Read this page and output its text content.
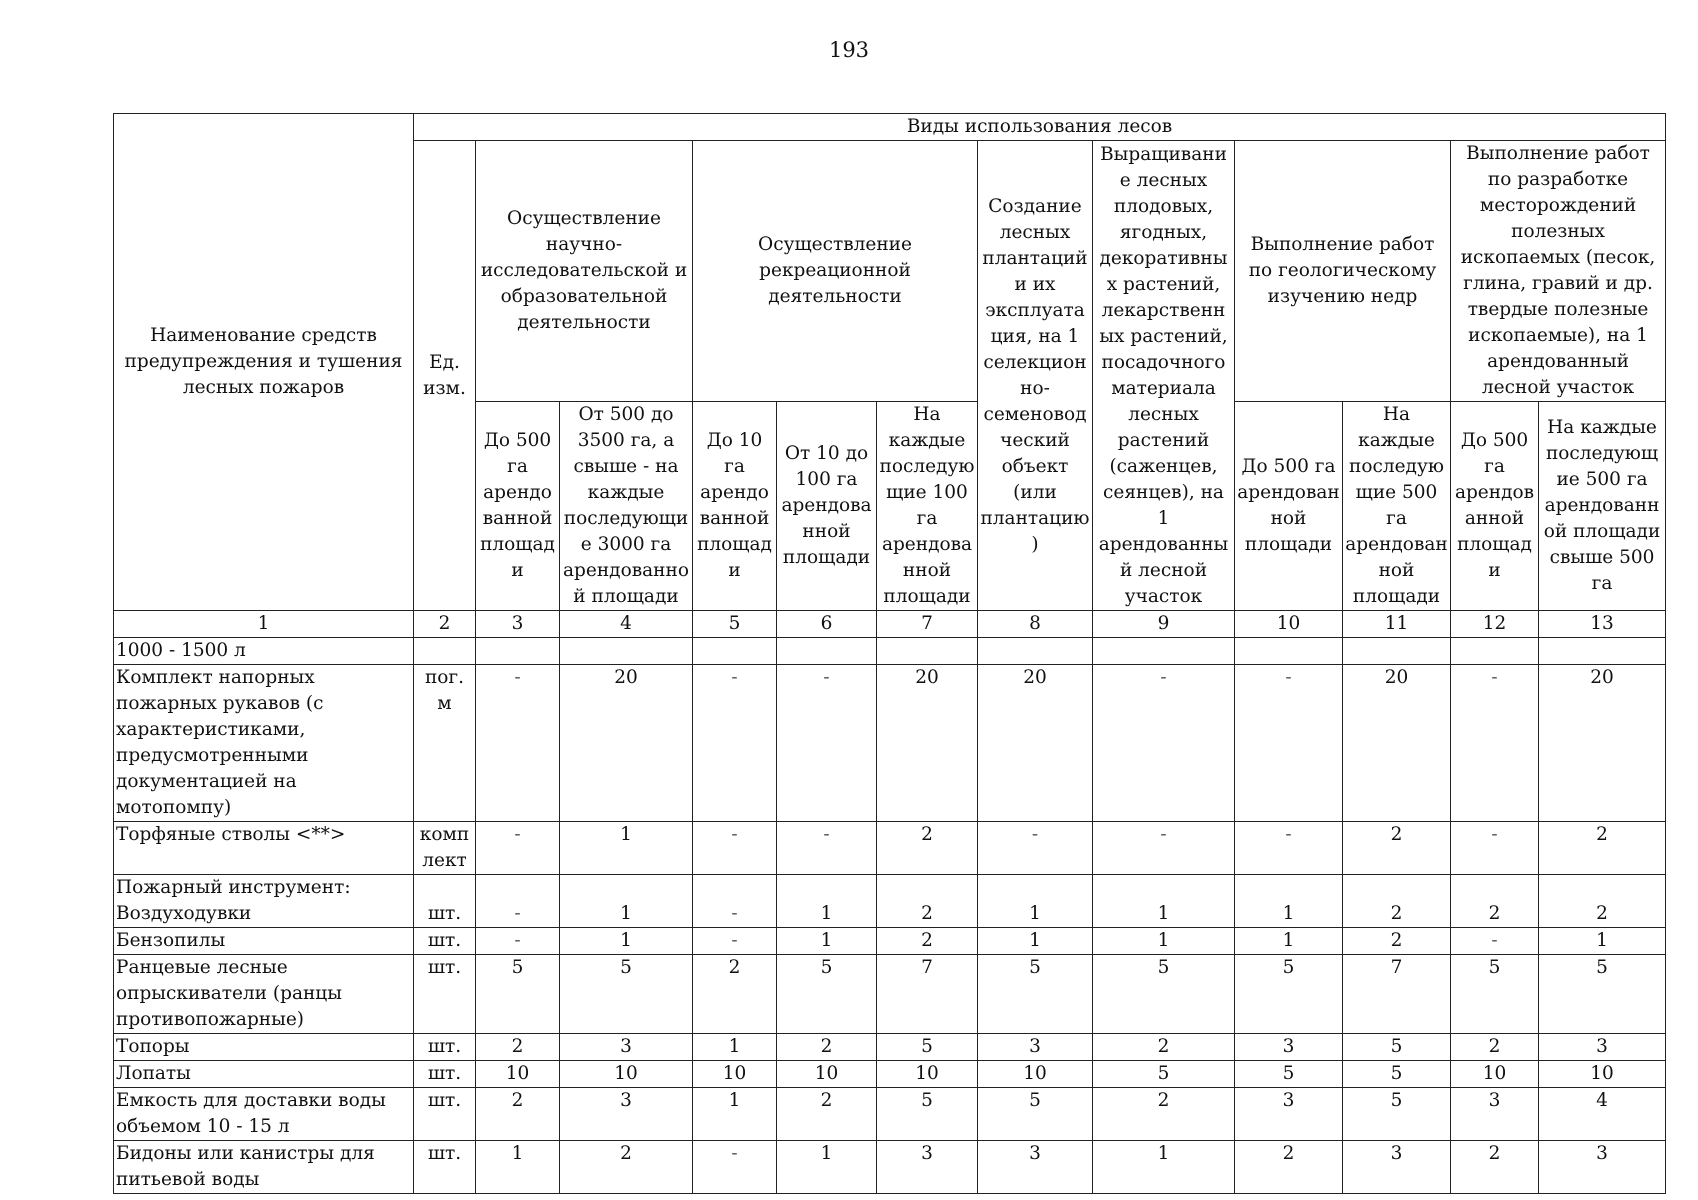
193
Наименование средств предупреждения и тушения лесных пожаров	Виды использования лесов											
	Ед. изм.	Осуществление научно-исследовательской и образовательной деятельности		Осуществление рекреационной деятельности			Создание лесных плантаций и их эксплуатация, на 1 селекционно-семеноводческий объект (или плантацию)	Выращивание лесных плодовых, ягодных, декоративных растений, лекарственных растений, посадочного материала лесных растений (саженцев, сеянцев), на 1 арендованный лесной участок	Выполнение работ по геологическому изучению недр		Выполнение работ по разработке месторождений полезных ископаемых (песок, глина, гравий и др. твердые полезные ископаемые), на 1 арендованный лесной участок	
		До 500 га арендованной площади	От 500 до 3500 га, а свыше - на каждые последующие 3000 га арендованной площади	До 10 га арендованной площади	От 10 до 100 га арендованной площади	На каждые последующие 100 га арендованной площади			До 500 га арендованной площади	На каждые последующие 500 га арендованной площади	До 500 га арендованной площади	На каждые последующие 500 га арендованной площади свыше 500 га
1	2	3	4	5	6	7	8	9	10	11	12	13
1000 - 1500 л												
Комплект напорных пожарных рукавов (с характеристиками, предусмотренными документацией на мотопомпу)	пог. м	-	20	-	-	20	20	-	-	20	-	20
Торфяные стволы <**>	комплект	-	1	-	-	2	-	-	-	2	-	2
Пожарный инструмент:												
Воздуходувки	шт.	-	1	-	1	2	1	1	1	2	2	2
Бензопилы	шт.	-	1	-	1	2	1	1	1	2	-	1
Ранцевые лесные опрыскиватели (ранцы противопожарные)	шт.	5	5	2	5	7	5	5	5	7	5	5
Топоры	шт.	2	3	1	2	5	3	2	3	5	2	3
Лопаты	шт.	10	10	10	10	10	10	5	5	5	10	10
Емкость для доставки воды объемом 10 - 15 л	шт.	2	3	1	2	5	5	2	3	5	3	4
Бидоны или канистры для питьевой воды	шт.	1	2	-	1	3	3	1	2	3	2	3
